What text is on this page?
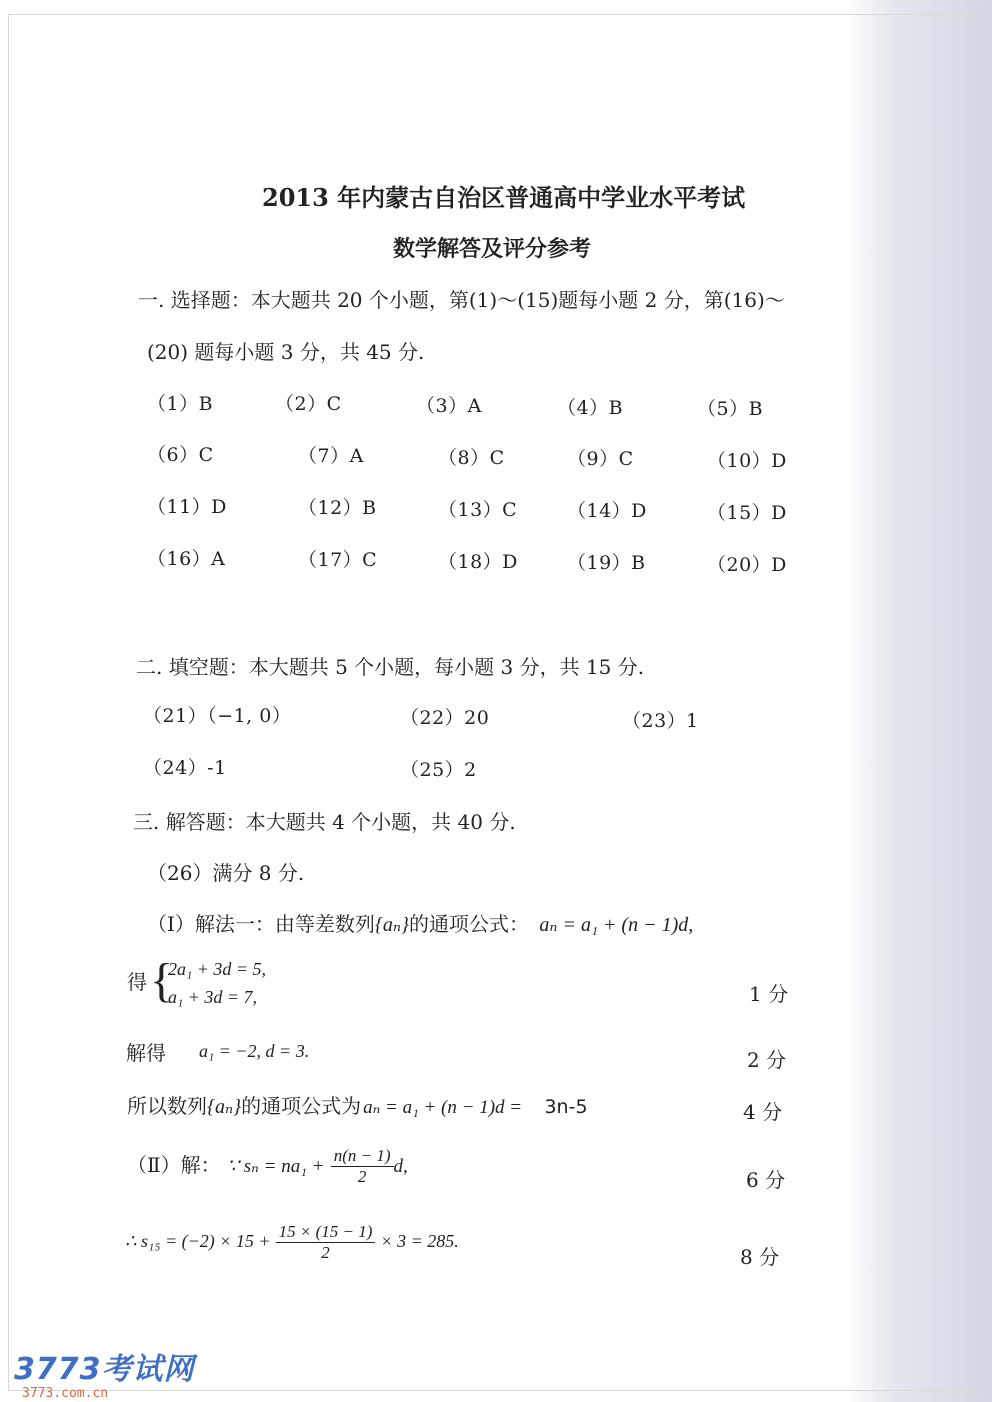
2013 年内蒙古自治区普通高中学业水平考试
数学解答及评分参考
一. 选择题：本大题共 20 个小题，第(1)～(15)题每小题 2 分，第(16)～
(20) 题每小题 3 分，共 45 分.
（1）B	（2）C	（3）A	（4）B	（5）B
（6）C	（7）A	（8）C	（9）C	（10）D
（11）D	（12）B	（13）C	（14）D	（15）D
（16）A	（17）C	（18）D	（19）B	（20）D
二. 填空题：本大题共 5 个小题，每小题 3 分，共 15 分.
（21）（−1, 0）	（22）20	（23）1
（24）-1	（25）2
三. 解答题：本大题共 4 个小题，共 40 分.
（26）满分 8 分.
（Ⅰ）解法一：由等差数列{aₙ}的通项公式： aₙ = a₁ + (n − 1)d,
得 {
2a₁ + 3d = 5,
a₁ + 3d = 7,	1 分
解得 a₁ = −2, d = 3.	2 分
所以数列{aₙ}的通项公式为 aₙ = a₁ + (n − 1)d = 3n-5	4 分
（Ⅱ）解： ∵ $s_n = na_1 + \frac{n(n - 1)}{2} d$,
6 分
∴ $s_{15} = (-2) \times 15 + \frac{15 \times (15 - 1)}{2} \times 3 = 285$.
8 分
3773考试网
3773.com.cn
